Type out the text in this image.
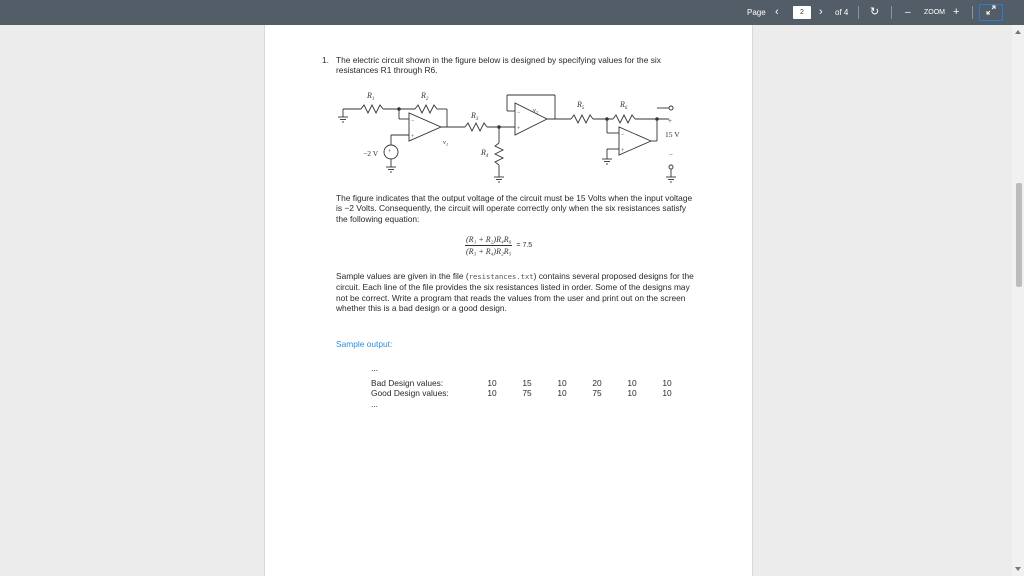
Page ‹
2	› of 4 ↻	– ZOOM +
1. The electric circuit shown in the figure below is designed by specifying values for the six resistances R1 through R6.
$R_1$	$R_2$
$R_3$
$R_4$
$R_5$	$R_6$
$v_1$
$v_2$
−2 V
15 V
+
−
+
−
+
−
+
−
+
The figure indicates that the output voltage of the circuit must be 15 Volts when the input voltage is −2 Volts. Consequently, the circuit will operate correctly only when the six resistances satisfy the following equation:
$\frac{\text{(R₁ + R₂)R₄R₆}}{\text{(R₃ + R₄)R₂R₅}} = 7.5$
Sample values are given in the file (resistances.txt) contains several proposed designs for the circuit. Each line of the file provides the six resistances listed in order. Some of the designs may not be correct. Write a program that reads the values from the user and print out on the screen whether this is a bad design or a good design.
Sample output:
...
Bad Design values:	10	15	10	20	10	10
Good Design values:	10	75	10	75	10	10
...
